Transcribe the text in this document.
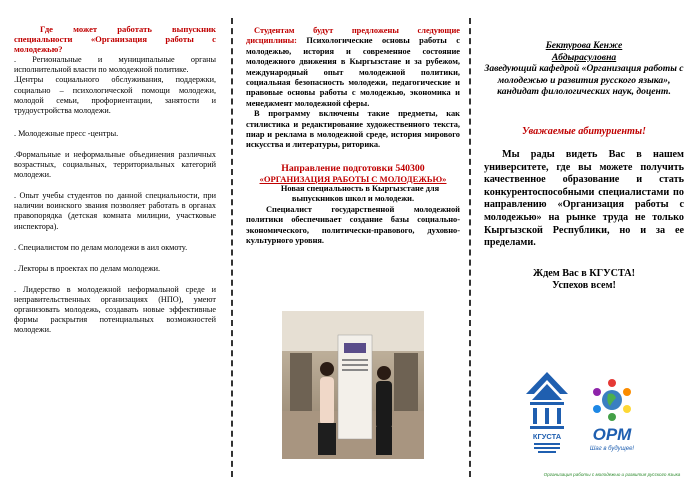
Где может работать выпускник специальности «Организация работы с молодежью?

. Региональные и муниципальные органы исполнительной власти по молодежной политике.

.Центры социального обслуживания, поддержки, социально – психологической помощи молодежи, молодой семьи, профориентации, занятости и трудоустройства молодежи.

. Молодежные пресс -центры.

.Формальные и неформальные объединения различных возрастных, социальных, территориальных категорий молодежи.

. Опыт учебы студентов по данной специальности, при наличии воинского звания позволяет работать в органах правопорядка (детская комната милиции, участковые инспектора).

. Специалистом по делам молодежи в аил окмоту.

. Лекторы в проектах по делам молодежи.

. Лидерство в молодежной неформальной среде и неправительственных организациях (НПО), умеют организовать молодежь, создавать новые эффективные формы раскрытия потенциальных возможностей молодежи.

Студентам будут предложены следующие дисциплины: Психологические основы работы с молодежью, история и современное состояние молодежного движения в Кыргызстане и за рубежом, международный опыт молодежной политики, социальная безопасность молодежи, педагогические и правовые основы работы с молодежью, экономика и менеджмент молодежной сферы.

В программу включены такие предметы, как стилистика и редактирование художественного текста, пиар и реклама в молодежной среде, история мирового искусства и литературы, риторика.

Направление подготовки 540300

«ОРГАНИЗАЦИЯ РАБОТЫ С МОЛОДЕЖЬЮ»

Новая специальность в Кыргызстане для выпускников школ и молодежи.

Специалист государственной молодежной политики обеспечивает создание базы социально-экономического, политически-правового, духовно-культурного уровня.

Бектурова Кенже
Абдырасуловна

Заведующий кафедрой «Организация работы с молодежью и развития русского языка», кандидат филологических наук, доцент.

Уважаемые абитуриенты!

Мы рады видеть Вас в нашем университете, где вы можете получить качественное образование и стать конкурентоспособными специалистами по направлению «Организация работы с молодежью» на рынке труда не только Кыргызской Республики, но и за ее пределами.

Ждем Вас в КГУСТА!
Успехов всем!

КГУСТА ОРМ
Шаг в будущее!
Организация работы с молодежью и развития русского языка
